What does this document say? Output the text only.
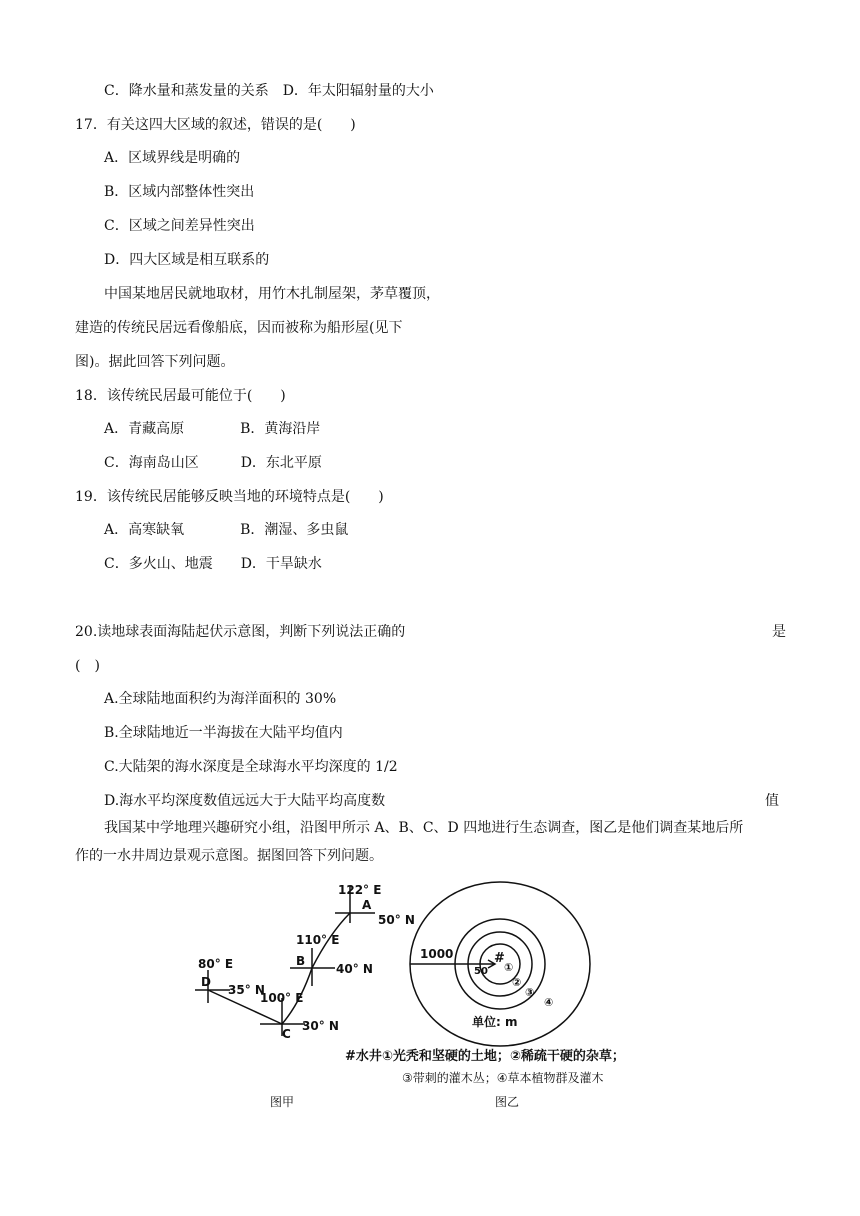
C．降水量和蒸发量的关系　D．年太阳辐射量的大小
17．有关这四大区域的叙述，错误的是(　　)
A．区域界线是明确的
B．区域内部整体性突出
C．区域之间差异性突出
D．四大区域是相互联系的
中国某地居民就地取材，用竹木扎制屋架，茅草覆顶，
建造的传统民居远看像船底，因而被称为船形屋(见下
图)。据此回答下列问题。
18．该传统民居最可能位于(　　)
A．青藏高原　　　　B．黄海沿岸
C．海南岛山区　　　D．东北平原
19．该传统民居能够反映当地的环境特点是(　　)
A．高寒缺氧　　　　B．潮湿、多虫鼠
C．多火山、地震　　D．干旱缺水
20.读地球表面海陆起伏示意图，判断下列说法正确的	是
(　)
A.全球陆地面积约为海洋面积的 30%
B.全球陆地近一半海拔在大陆平均值内
C.大陆架的海水深度是全球海水平均深度的 1/2
D.海水平均深度数值远远大于大陆平均高度数	值
我国某中学地理兴趣研究小组，沿图甲所示 A、B、C、D 四地进行生态调查，图乙是他们调查某地后所
作的一水井周边景观示意图。据图回答下列问题。
122° E
A
50° N
110° E
B
40° N
80° E
D
35° N
100° E
C
30° N
图甲
1000	#
50 ①
②
③
④
单位: m
#水井①光秃和坚硬的土地；②稀疏干硬的杂草；
③带刺的灌木丛；④草本植物群及灌木
图乙
